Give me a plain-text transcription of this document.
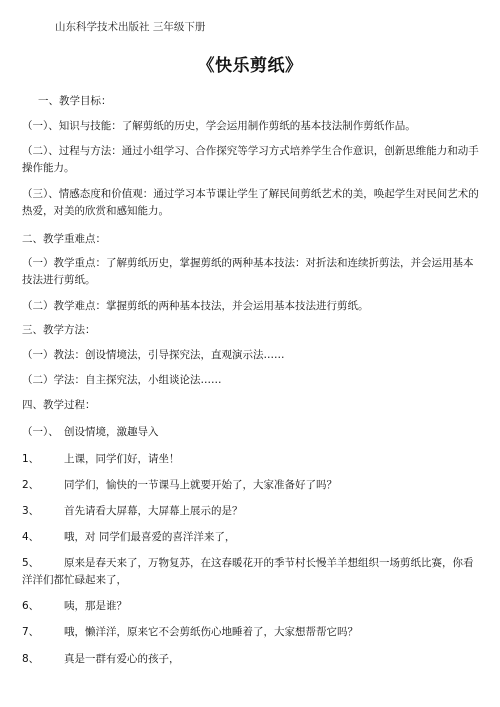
山东科学技术出版社 三年级下册
《快乐剪纸》
一、教学目标：
（一）、知识与技能：了解剪纸的历史，学会运用制作剪纸的基本技法制作剪纸作品。
（二）、过程与方法：通过小组学习、合作探究等学习方式培养学生合作意识，创新思维能力和动手操作能力。
（三）、情感态度和价值观：通过学习本节课让学生了解民间剪纸艺术的美，唤起学生对民间艺术的热爱，对美的欣赏和感知能力。
二、教学重难点：
（一）教学重点：了解剪纸历史，掌握剪纸的两种基本技法：对折法和连续折剪法，并会运用基本技法进行剪纸。
（二）教学难点：掌握剪纸的两种基本技法，并会运用基本技法进行剪纸。
三、教学方法：
（一）教法：创设情境法，引导探究法，直观演示法……
（二）学法：自主探究法，小组谈论法……
四、教学过程：
（一）、　创设情境，激趣导入
1、 上课，同学们好，请坐！
2、 同学们，愉快的一节课马上就要开始了，大家准备好了吗？
3、 首先请看大屏幕，大屏幕上展示的是？
4、 哦，对 同学们最喜爱的喜洋洋来了，
5、 原来是春天来了，万物复苏，在这春暖花开的季节村长慢羊羊想组织一场剪纸比赛，你看洋洋们都忙碌起来了，
6、 咦，那是谁？
7、 哦，懒洋洋，原来它不会剪纸伤心地睡着了，大家想帮帮它吗？
8、 真是一群有爱心的孩子，
